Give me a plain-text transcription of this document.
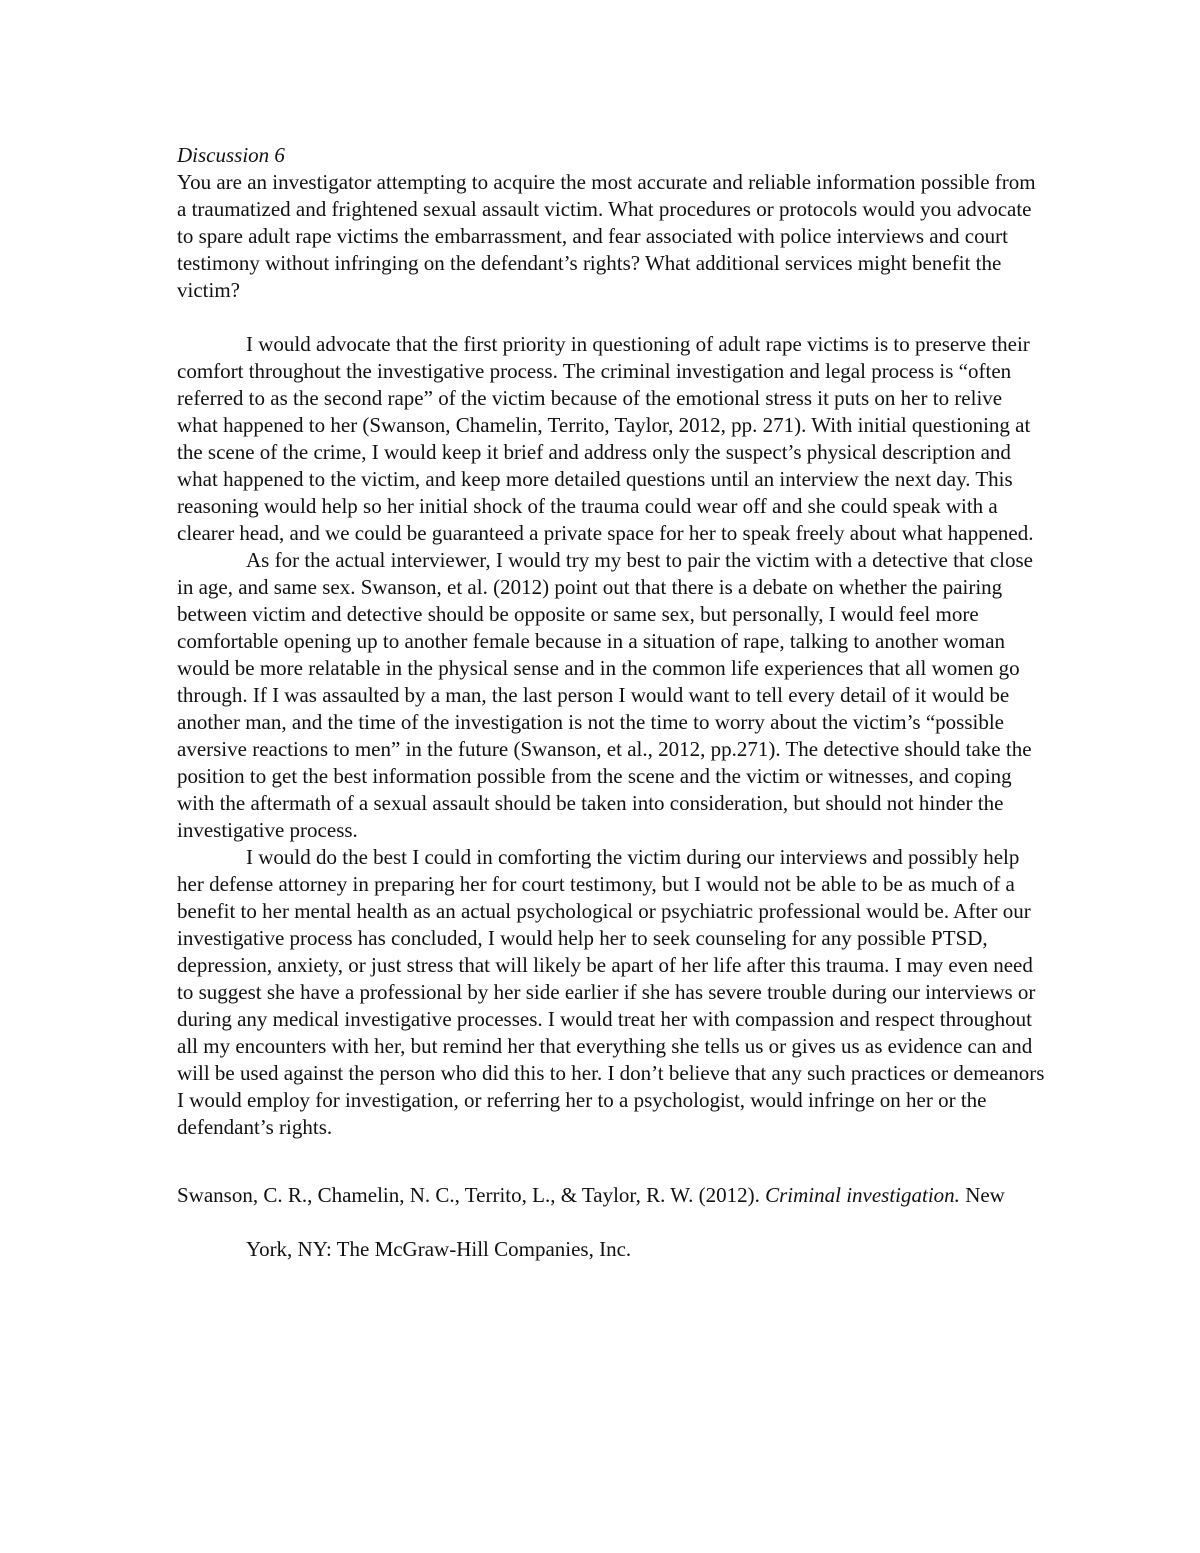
Discussion 6

You are an investigator attempting to acquire the most accurate and reliable information possible from a traumatized and frightened sexual assault victim. What procedures or protocols would you advocate to spare adult rape victims the embarrassment, and fear associated with police interviews and court testimony without infringing on the defendant’s rights? What additional services might benefit the victim?

I would advocate that the first priority in questioning of adult rape victims is to preserve their comfort throughout the investigative process. The criminal investigation and legal process is “often referred to as the second rape” of the victim because of the emotional stress it puts on her to relive what happened to her (Swanson, Chamelin, Territo, Taylor, 2012, pp. 271). With initial questioning at the scene of the crime, I would keep it brief and address only the suspect’s physical description and what happened to the victim, and keep more detailed questions until an interview the next day. This reasoning would help so her initial shock of the trauma could wear off and she could speak with a clearer head, and we could be guaranteed a private space for her to speak freely about what happened.

As for the actual interviewer, I would try my best to pair the victim with a detective that close in age, and same sex. Swanson, et al. (2012) point out that there is a debate on whether the pairing between victim and detective should be opposite or same sex, but personally, I would feel more comfortable opening up to another female because in a situation of rape, talking to another woman would be more relatable in the physical sense and in the common life experiences that all women go through. If I was assaulted by a man, the last person I would want to tell every detail of it would be another man, and the time of the investigation is not the time to worry about the victim’s “possible aversive reactions to men” in the future (Swanson, et al., 2012, pp.271). The detective should take the position to get the best information possible from the scene and the victim or witnesses, and coping with the aftermath of a sexual assault should be taken into consideration, but should not hinder the investigative process.

I would do the best I could in comforting the victim during our interviews and possibly help her defense attorney in preparing her for court testimony, but I would not be able to be as much of a benefit to her mental health as an actual psychological or psychiatric professional would be. After our investigative process has concluded, I would help her to seek counseling for any possible PTSD, depression, anxiety, or just stress that will likely be apart of her life after this trauma. I may even need to suggest she have a professional by her side earlier if she has severe trouble during our interviews or during any medical investigative processes. I would treat her with compassion and respect throughout all my encounters with her, but remind her that everything she tells us or gives us as evidence can and will be used against the person who did this to her. I don’t believe that any such practices or demeanors I would employ for investigation, or referring her to a psychologist, would infringe on her or the defendant’s rights.

Swanson, C. R., Chamelin, N. C., Territo, L., & Taylor, R. W. (2012). Criminal investigation. New York, NY: The McGraw-Hill Companies, Inc.
